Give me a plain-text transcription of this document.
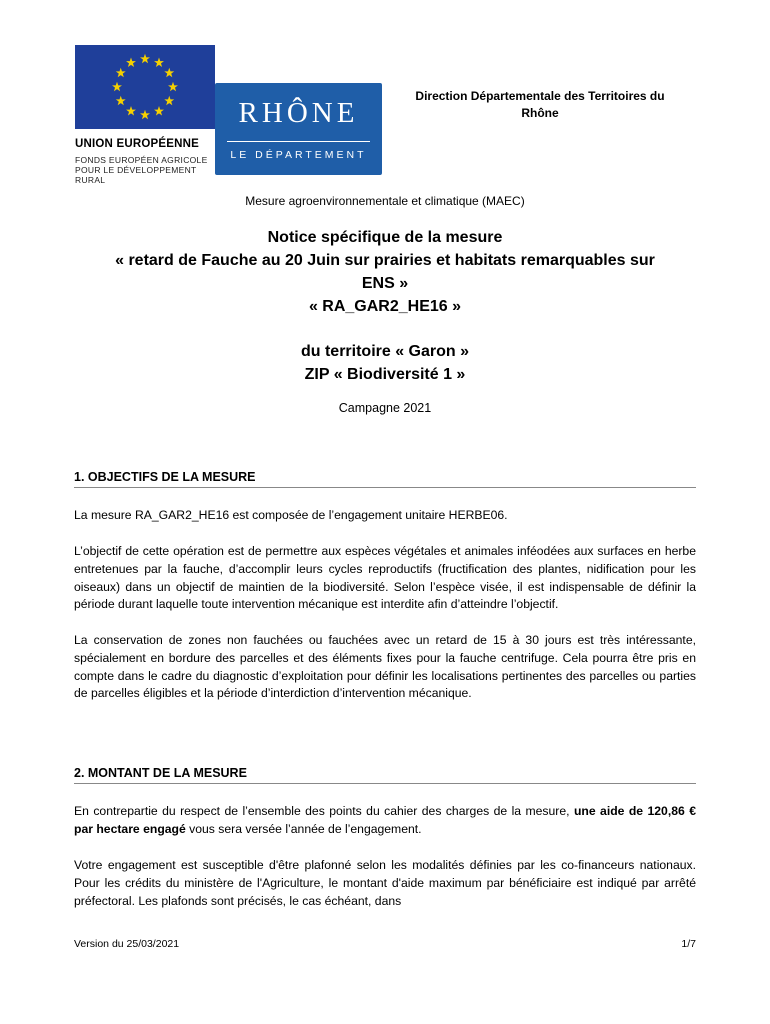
UNION EUROPÉENNE
FONDS EUROPÉEN AGRICOLE
POUR LE DÉVELOPPEMENT RURAL
RHÔNE
LE DÉPARTEMENT
Direction Départementale des Territoires du
Rhône
Mesure agroenvironnementale et climatique (MAEC)
Notice spécifique de la mesure
« retard de Fauche au 20 Juin sur prairies et habitats remarquables sur
ENS »
« RA_GAR2_HE16 »
du territoire « Garon »
ZIP « Biodiversité 1 »
Campagne 2021
1. OBJECTIFS DE LA MESURE
La mesure RA_GAR2_HE16 est composée de l’engagement unitaire HERBE06.
L’objectif de cette opération est de permettre aux espèces végétales et animales inféodées aux surfaces en herbe entretenues par la fauche, d’accomplir leurs cycles reproductifs (fructification des plantes, nidification pour les oiseaux) dans un objectif de maintien de la biodiversité. Selon l’espèce visée, il est indispensable de définir la période durant laquelle toute intervention mécanique est interdite afin d’atteindre l’objectif.
La conservation de zones non fauchées ou fauchées avec un retard de 15 à 30 jours est très intéressante, spécialement en bordure des parcelles et des éléments fixes pour la fauche centrifuge. Cela pourra être pris en compte dans le cadre du diagnostic d’exploitation pour définir les localisations pertinentes des parcelles ou parties de parcelles éligibles et la période d’interdiction d’intervention mécanique.
2. MONTANT DE LA MESURE
En contrepartie du respect de l’ensemble des points du cahier des charges de la mesure, une aide de 120,86 € par hectare engagé vous sera versée l’année de l’engagement.
Votre engagement est susceptible d'être plafonné selon les modalités définies par les co-financeurs nationaux. Pour les crédits du ministère de l'Agriculture, le montant d'aide maximum par bénéficiaire est indiqué par arrêté préfectoral. Les plafonds sont précisés, le cas échéant, dans
Version du 25/03/2021	1/7
